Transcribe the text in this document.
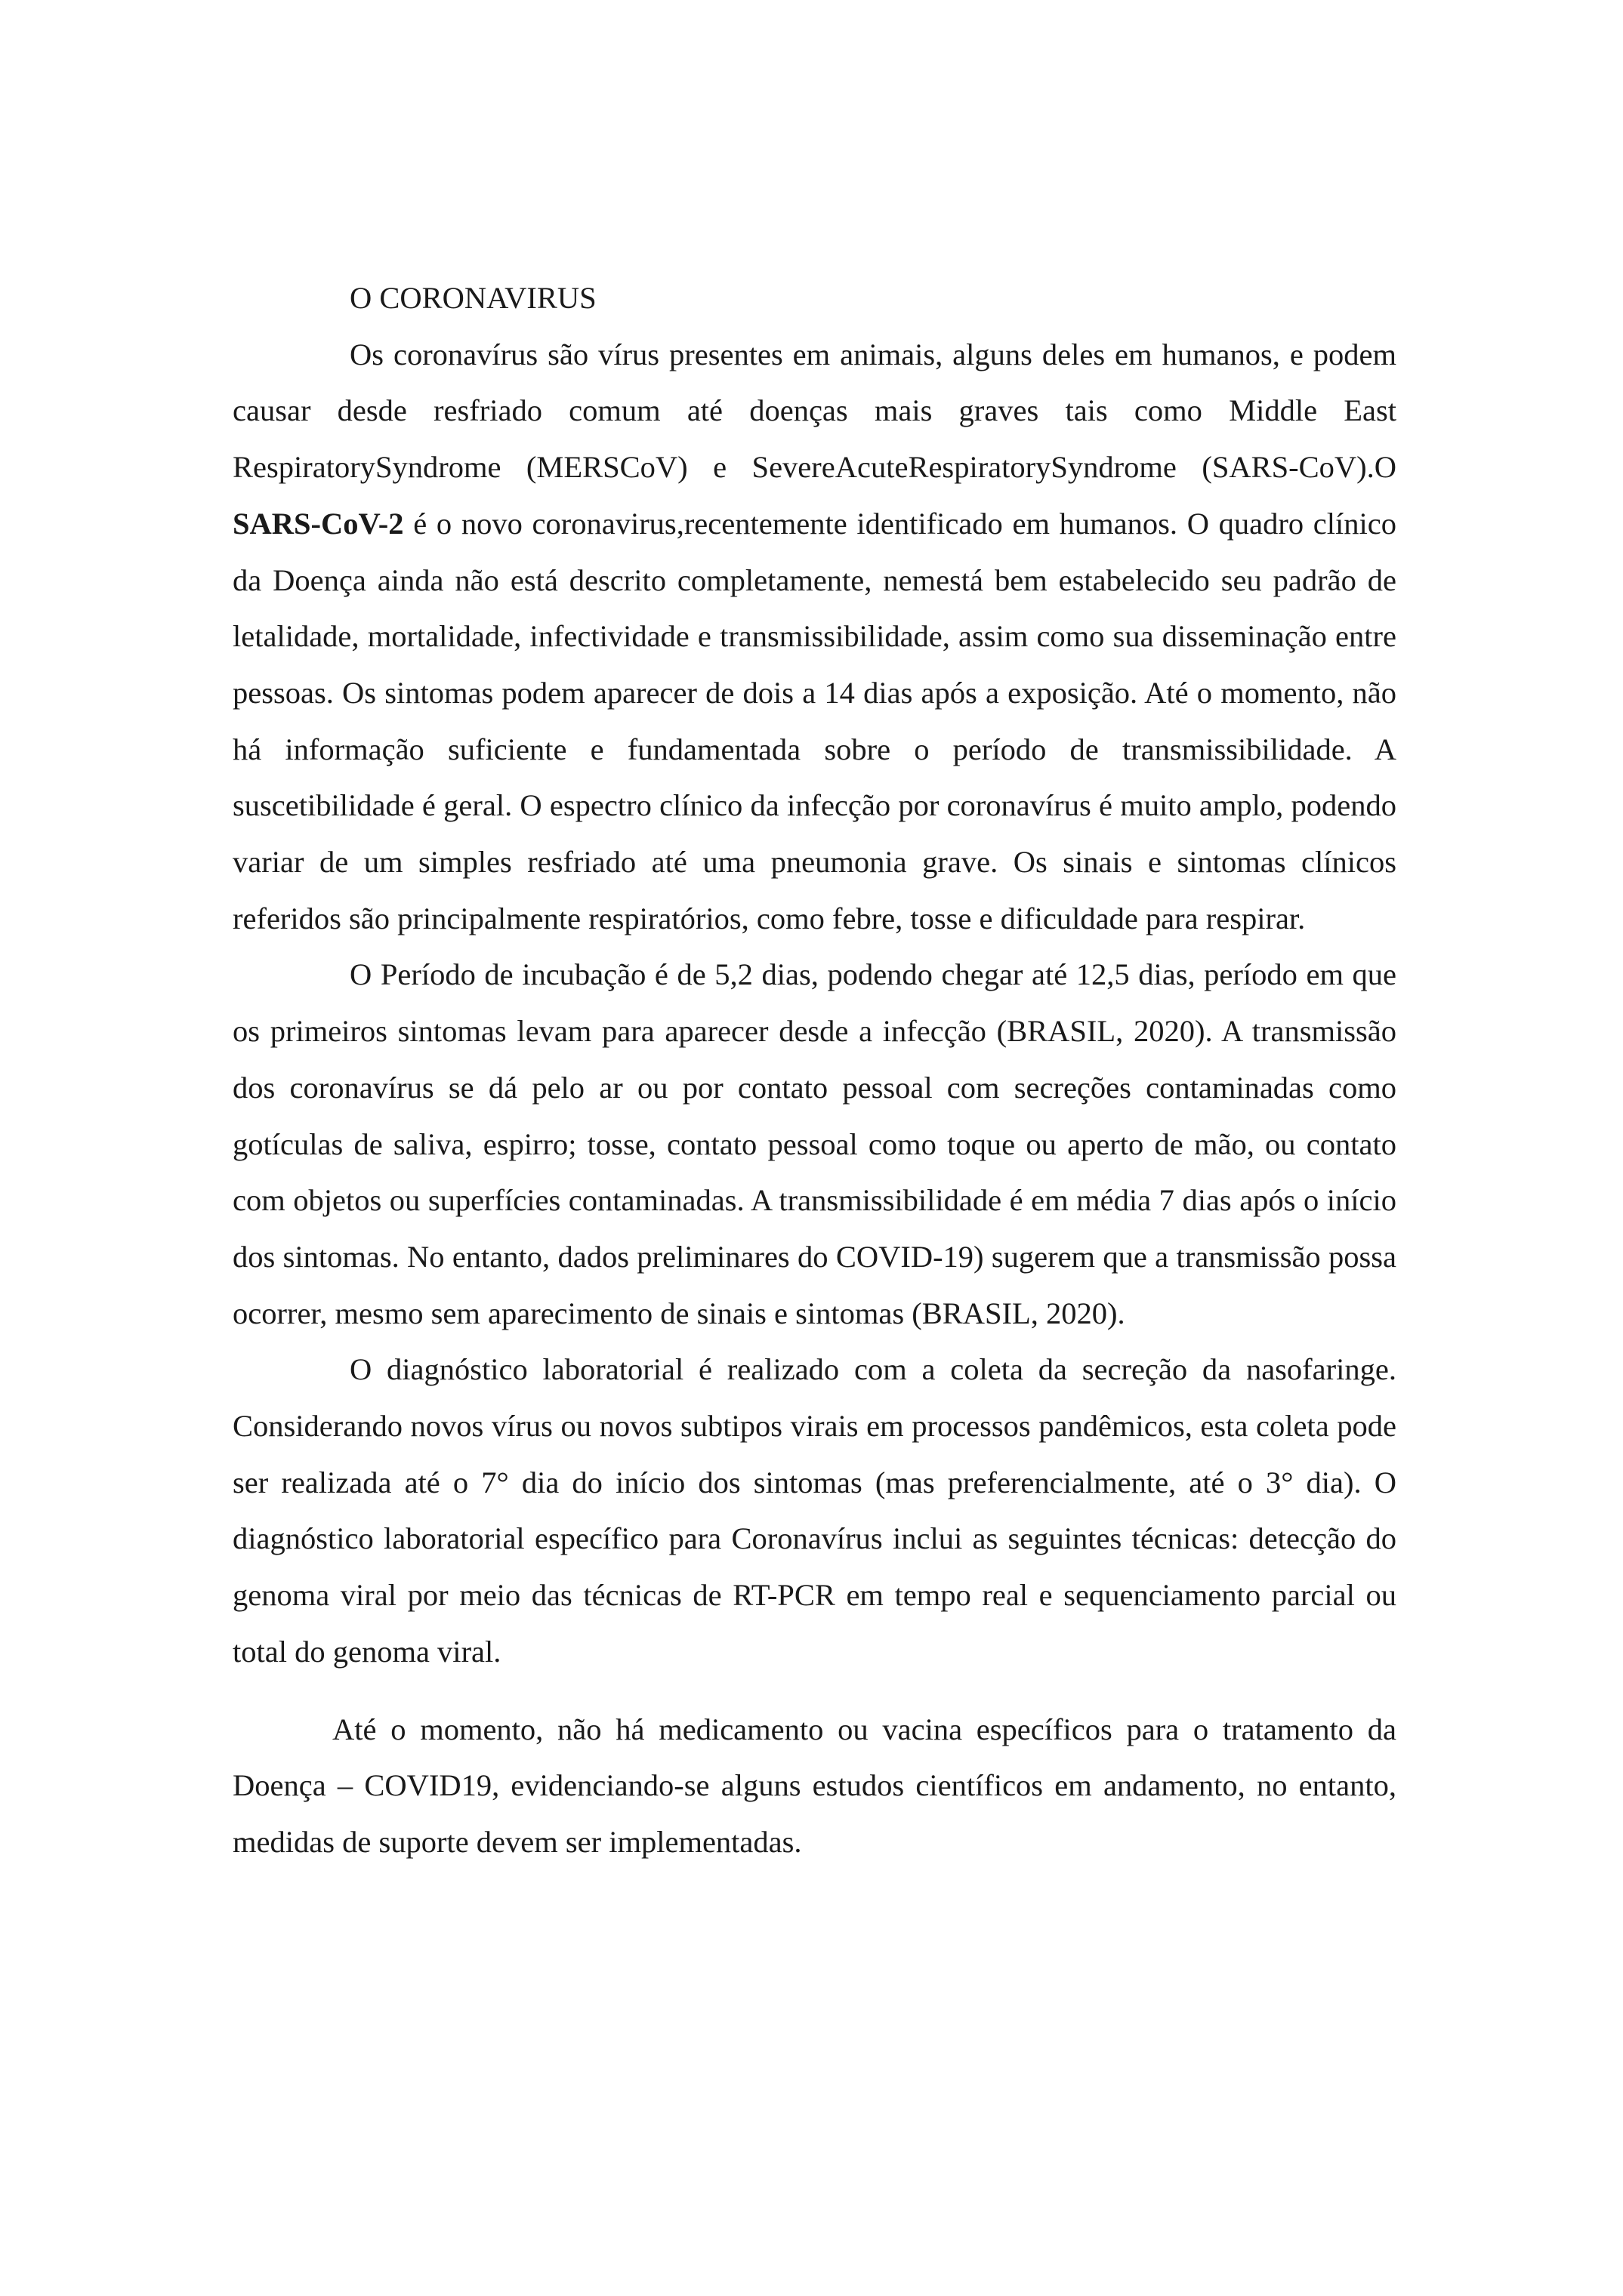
O CORONAVIRUS

Os coronavírus são vírus presentes em animais, alguns deles em humanos, e podem causar desde resfriado comum até doenças mais graves tais como Middle East RespiratorySyndrome (MERSCoV) e SevereAcuteRespiratorySyndrome (SARS-CoV).O SARS-CoV-2 é o novo coronavirus,recentemente identificado em humanos. O quadro clínico da Doença ainda não está descrito completamente, nemestá bem estabelecido seu padrão de letalidade, mortalidade, infectividade e transmissibilidade, assim como sua disseminação entre pessoas. Os sintomas podem aparecer de dois a 14 dias após a exposição. Até o momento, não há informação suficiente e fundamentada sobre o período de transmissibilidade. A suscetibilidade é geral. O espectro clínico da infecção por coronavírus é muito amplo, podendo variar de um simples resfriado até uma pneumonia grave. Os sinais e sintomas clínicos referidos são principalmente respiratórios, como febre, tosse e dificuldade para respirar.

O Período de incubação é de 5,2 dias, podendo chegar até 12,5 dias, período em que os primeiros sintomas levam para aparecer desde a infecção (BRASIL, 2020). A transmissão dos coronavírus se dá pelo ar ou por contato pessoal com secreções contaminadas como gotículas de saliva, espirro; tosse, contato pessoal como toque ou aperto de mão, ou contato com objetos ou superfícies contaminadas. A transmissibilidade é em média 7 dias após o início dos sintomas. No entanto, dados preliminares do COVID-19) sugerem que a transmissão possa ocorrer, mesmo sem aparecimento de sinais e sintomas (BRASIL, 2020).

O diagnóstico laboratorial é realizado com a coleta da secreção da nasofaringe. Considerando novos vírus ou novos subtipos virais em processos pandêmicos, esta coleta pode ser realizada até o 7° dia do início dos sintomas (mas preferencialmente, até o 3° dia). O diagnóstico laboratorial específico para Coronavírus inclui as seguintes técnicas: detecção do genoma viral por meio das técnicas de RT-PCR em tempo real e sequenciamento parcial ou total do genoma viral.

Até o momento, não há medicamento ou vacina específicos para o tratamento da Doença – COVID19, evidenciando-se alguns estudos científicos em andamento, no entanto, medidas de suporte devem ser implementadas.
